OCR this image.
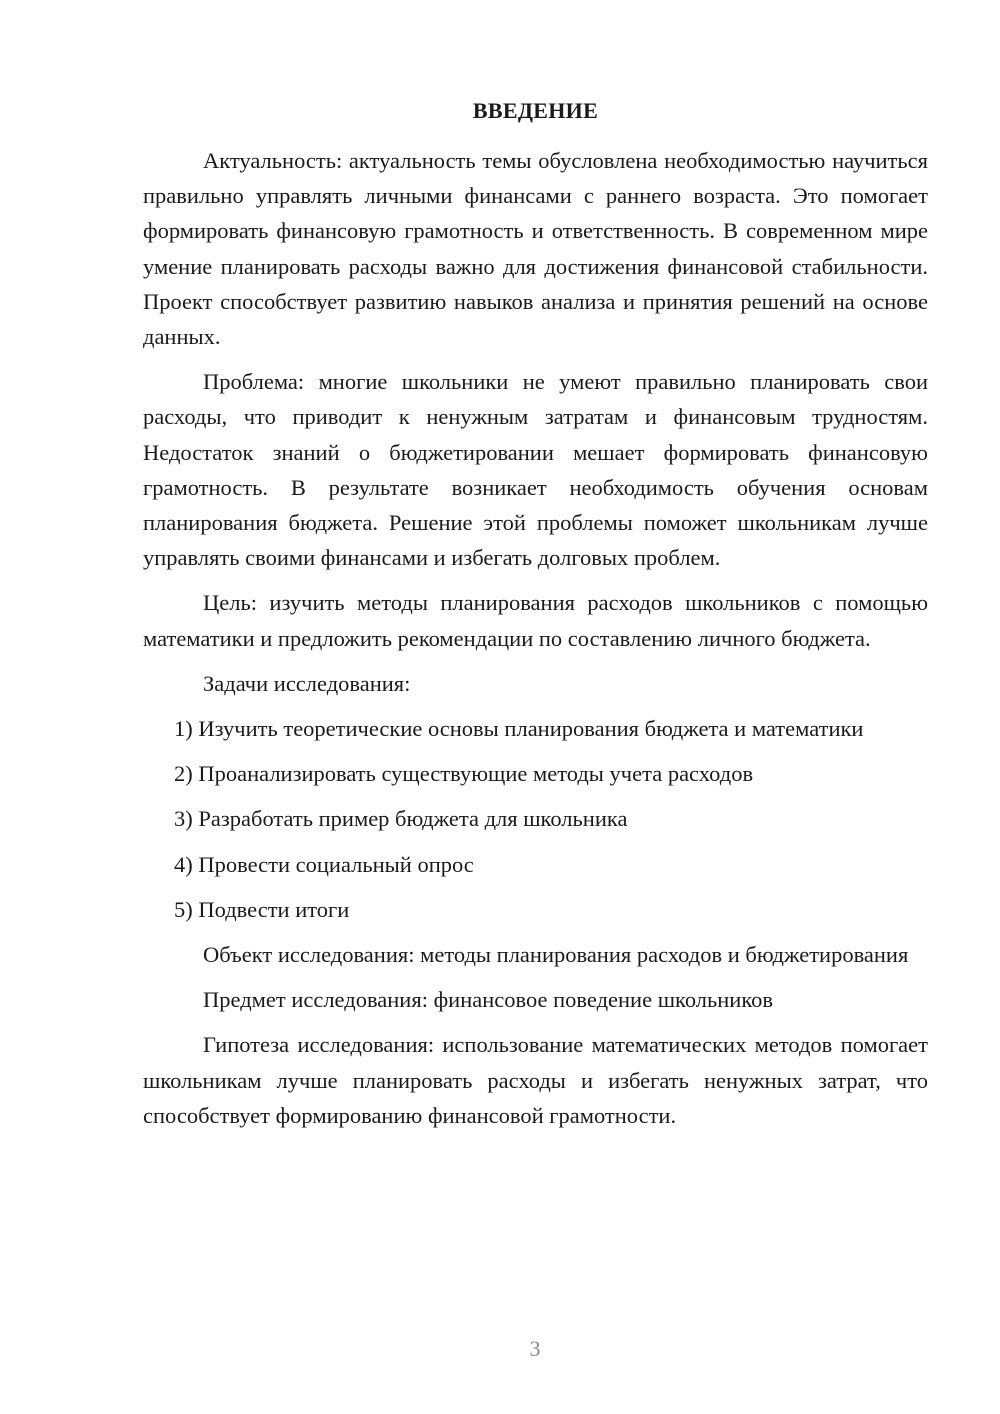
ВВЕДЕНИЕ

Актуальность: актуальность темы обусловлена необходимостью научиться правильно управлять личными финансами с раннего возраста. Это помогает формировать финансовую грамотность и ответственность. В современном мире умение планировать расходы важно для достижения финансовой стабильности. Проект способствует развитию навыков анализа и принятия решений на основе данных.

Проблема: многие школьники не умеют правильно планировать свои расходы, что приводит к ненужным затратам и финансовым трудностям. Недостаток знаний о бюджетировании мешает формировать финансовую грамотность. В результате возникает необходимость обучения основам планирования бюджета. Решение этой проблемы поможет школьникам лучше управлять своими финансами и избегать долговых проблем.

Цель: изучить методы планирования расходов школьников с помощью математики и предложить рекомендации по составлению личного бюджета.

Задачи исследования:

1) Изучить теоретические основы планирования бюджета и математики

2) Проанализировать существующие методы учета расходов

3) Разработать пример бюджета для школьника

4) Провести социальный опрос

5) Подвести итоги

Объект исследования: методы планирования расходов и бюджетирования

Предмет исследования: финансовое поведение школьников

Гипотеза исследования: использование математических методов помогает школьникам лучше планировать расходы и избегать ненужных затрат, что способствует формированию финансовой грамотности.

3
